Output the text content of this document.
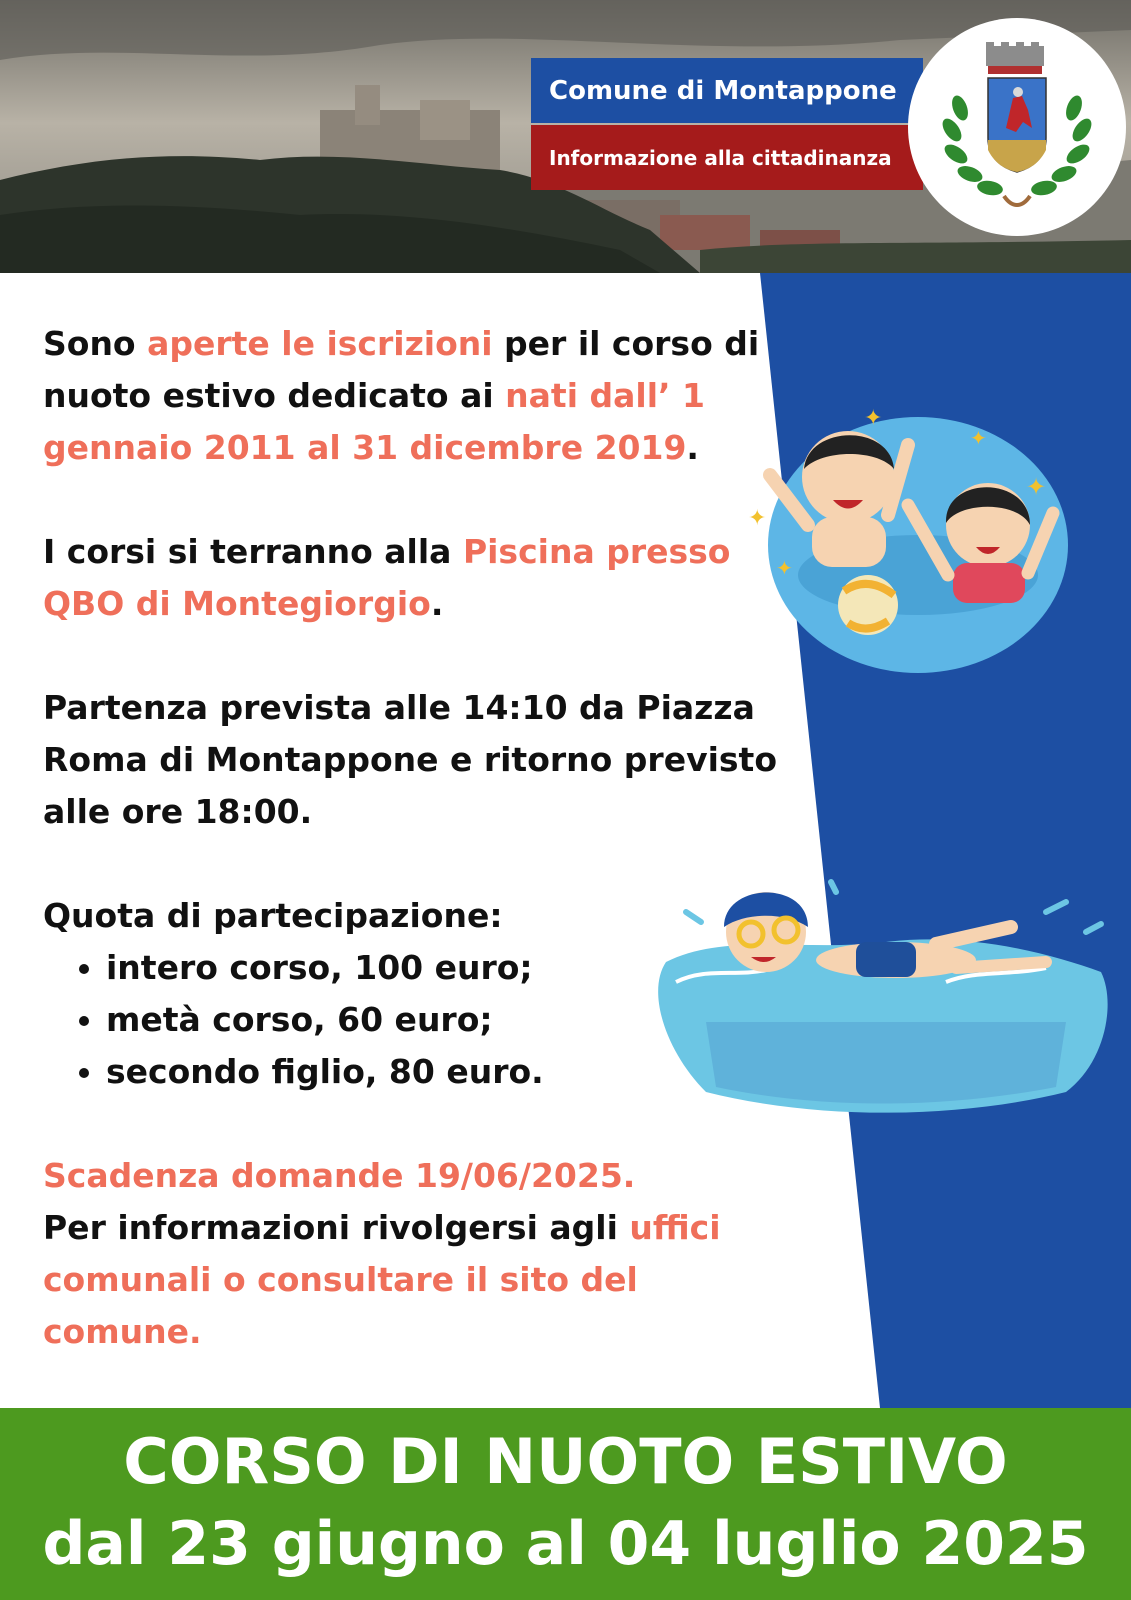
Comune di Montappone
Informazione alla cittadinanza
✦
✦
✦
✦
✦

Sono aperte le iscrizioni per il corso di nuoto estivo dedicato ai nati dall’ 1 gennaio 2011 al 31 dicembre 2019.

I corsi si terranno alla Piscina presso QBO di Montegiorgio.

Partenza prevista alle 14:10 da Piazza Roma di Montappone e ritorno previsto alle ore 18:00.

Quota di partecipazione:
• intero corso, 100 euro;
• metà corso, 60 euro;
• secondo figlio, 80 euro.
Scadenza domande 19/06/2025.
Per informazioni rivolgersi agli uffici comunali o consultare il sito del comune.
CORSO DI NUOTO ESTIVO
dal 23 giugno al 04 luglio 2025
